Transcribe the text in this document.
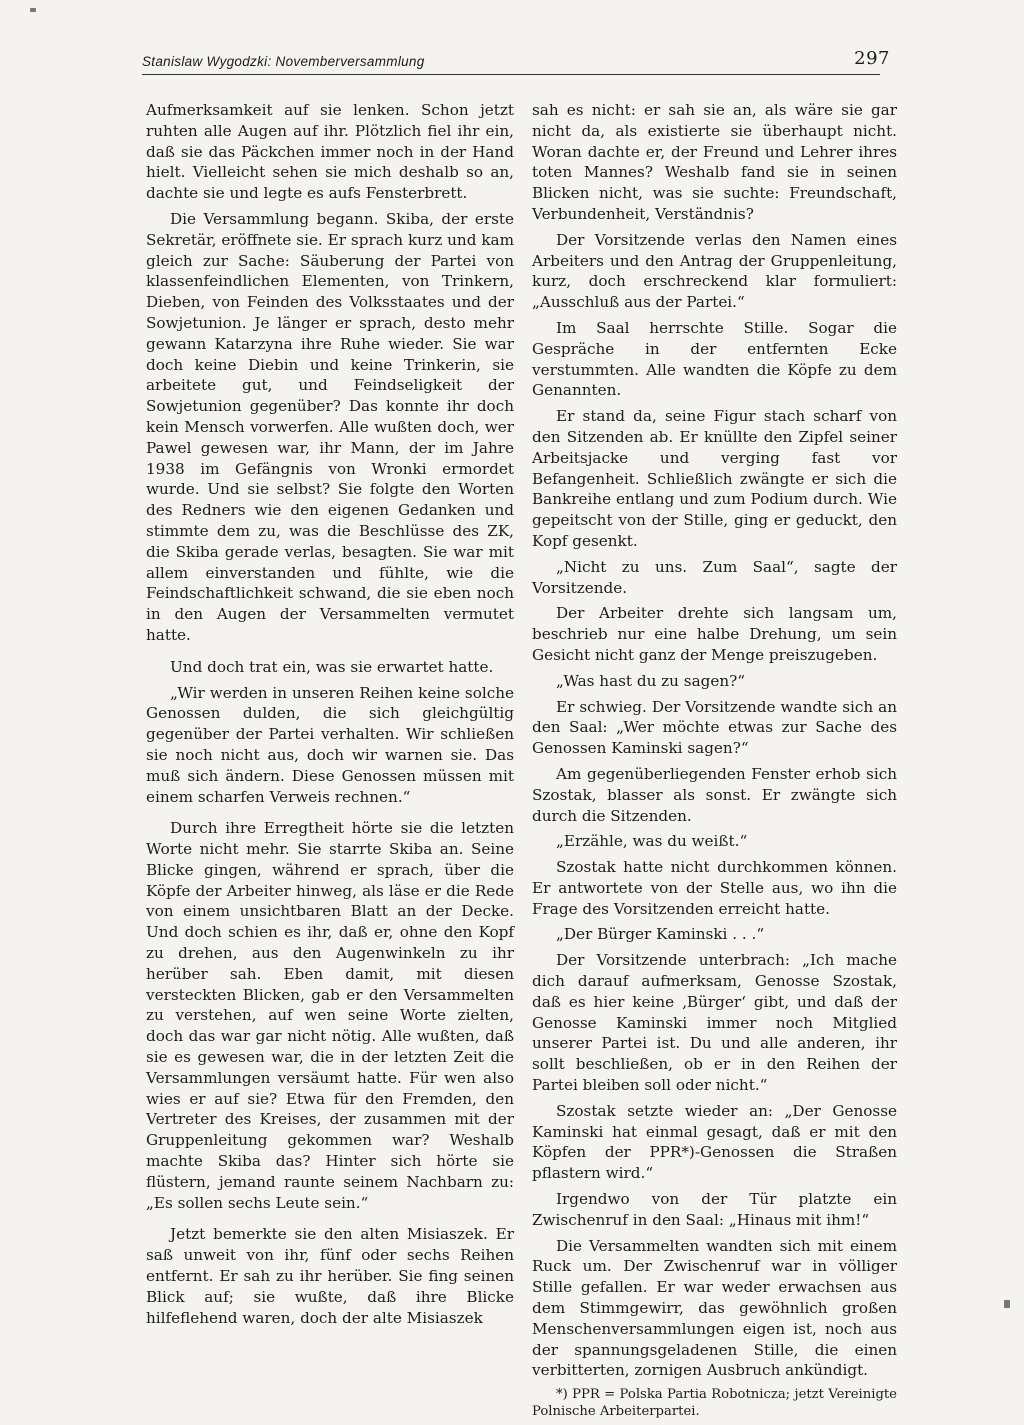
Stanislaw Wygodzki: Novemberversammlung	297

Aufmerksamkeit auf sie lenken. Schon jetzt ruhten alle Augen auf ihr. Plötzlich fiel ihr ein, daß sie das Päckchen immer noch in der Hand hielt. Vielleicht sehen sie mich deshalb so an, dachte sie und legte es aufs Fensterbrett.

Die Versammlung begann. Skiba, der erste Sekretär, eröffnete sie. Er sprach kurz und kam gleich zur Sache: Säuberung der Partei von klassenfeindlichen Elementen, von Trinkern, Dieben, von Feinden des Volksstaates und der Sowjetunion. Je länger er sprach, desto mehr gewann Katarzyna ihre Ruhe wieder. Sie war doch keine Diebin und keine Trinkerin, sie arbeitete gut, und Feindseligkeit der Sowjetunion gegenüber? Das konnte ihr doch kein Mensch vorwerfen. Alle wußten doch, wer Pawel gewesen war, ihr Mann, der im Jahre 1938 im Gefängnis von Wronki ermordet wurde. Und sie selbst? Sie folgte den Worten des Redners wie den eigenen Gedanken und stimmte dem zu, was die Beschlüsse des ZK, die Skiba gerade verlas, besagten. Sie war mit allem einverstanden und fühlte, wie die Feindschaftlichkeit schwand, die sie eben noch in den Augen der Versammelten vermutet hatte.

Und doch trat ein, was sie erwartet hatte.

„Wir werden in unseren Reihen keine solche Genossen dulden, die sich gleichgültig gegenüber der Partei verhalten. Wir schließen sie noch nicht aus, doch wir warnen sie. Das muß sich ändern. Diese Genossen müssen mit einem scharfen Verweis rechnen.“

Durch ihre Erregtheit hörte sie die letzten Worte nicht mehr. Sie starrte Skiba an. Seine Blicke gingen, während er sprach, über die Köpfe der Arbeiter hinweg, als läse er die Rede von einem unsichtbaren Blatt an der Decke. Und doch schien es ihr, daß er, ohne den Kopf zu drehen, aus den Augenwinkeln zu ihr herüber sah. Eben damit, mit diesen versteckten Blicken, gab er den Versammelten zu verstehen, auf wen seine Worte zielten, doch das war gar nicht nötig. Alle wußten, daß sie es gewesen war, die in der letzten Zeit die Versammlungen versäumt hatte. Für wen also wies er auf sie? Etwa für den Fremden, den Vertreter des Kreises, der zusammen mit der Gruppenleitung gekommen war? Weshalb machte Skiba das? Hinter sich hörte sie flüstern, jemand raunte seinem Nachbarn zu: „Es sollen sechs Leute sein.“

Jetzt bemerkte sie den alten Misiaszek. Er saß unweit von ihr, fünf oder sechs Reihen entfernt. Er sah zu ihr herüber. Sie fing seinen Blick auf; sie wußte, daß ihre Blicke hilfeflehend waren, doch der alte Misiaszek

sah es nicht: er sah sie an, als wäre sie gar nicht da, als existierte sie überhaupt nicht. Woran dachte er, der Freund und Lehrer ihres toten Mannes? Weshalb fand sie in seinen Blicken nicht, was sie suchte: Freundschaft, Verbundenheit, Verständnis?

Der Vorsitzende verlas den Namen eines Arbeiters und den Antrag der Gruppenleitung, kurz, doch erschreckend klar formuliert: „Ausschluß aus der Partei.“

Im Saal herrschte Stille. Sogar die Gespräche in der entfernten Ecke verstummten. Alle wandten die Köpfe zu dem Genannten.

Er stand da, seine Figur stach scharf von den Sitzenden ab. Er knüllte den Zipfel seiner Arbeitsjacke und verging fast vor Befangenheit. Schließlich zwängte er sich die Bankreihe entlang und zum Podium durch. Wie gepeitscht von der Stille, ging er geduckt, den Kopf gesenkt.

„Nicht zu uns. Zum Saal“, sagte der Vorsitzende.

Der Arbeiter drehte sich langsam um, beschrieb nur eine halbe Drehung, um sein Gesicht nicht ganz der Menge preiszugeben.

„Was hast du zu sagen?“

Er schwieg. Der Vorsitzende wandte sich an den Saal: „Wer möchte etwas zur Sache des Genossen Kaminski sagen?“

Am gegenüberliegenden Fenster erhob sich Szostak, blasser als sonst. Er zwängte sich durch die Sitzenden.

„Erzähle, was du weißt.“

Szostak hatte nicht durchkommen können. Er antwortete von der Stelle aus, wo ihn die Frage des Vorsitzenden erreicht hatte.

„Der Bürger Kaminski . . .“

Der Vorsitzende unterbrach: „Ich mache dich darauf aufmerksam, Genosse Szostak, daß es hier keine ‚Bürger‘ gibt, und daß der Genosse Kaminski immer noch Mitglied unserer Partei ist. Du und alle anderen, ihr sollt beschließen, ob er in den Reihen der Partei bleiben soll oder nicht.“

Szostak setzte wieder an: „Der Genosse Kaminski hat einmal gesagt, daß er mit den Köpfen der PPR*)-Genossen die Straßen pflastern wird.“

Irgendwo von der Tür platzte ein Zwischenruf in den Saal: „Hinaus mit ihm!“

Die Versammelten wandten sich mit einem Ruck um. Der Zwischenruf war in völliger Stille gefallen. Er war weder erwachsen aus dem Stimmgewirr, das gewöhnlich großen Menschenversammlungen eigen ist, noch aus der spannungsgeladenen Stille, die einen verbitterten, zornigen Ausbruch ankündigt.

*) PPR = Polska Partia Robotnicza; jetzt Vereinigte Polnische Arbeiterpartei.
